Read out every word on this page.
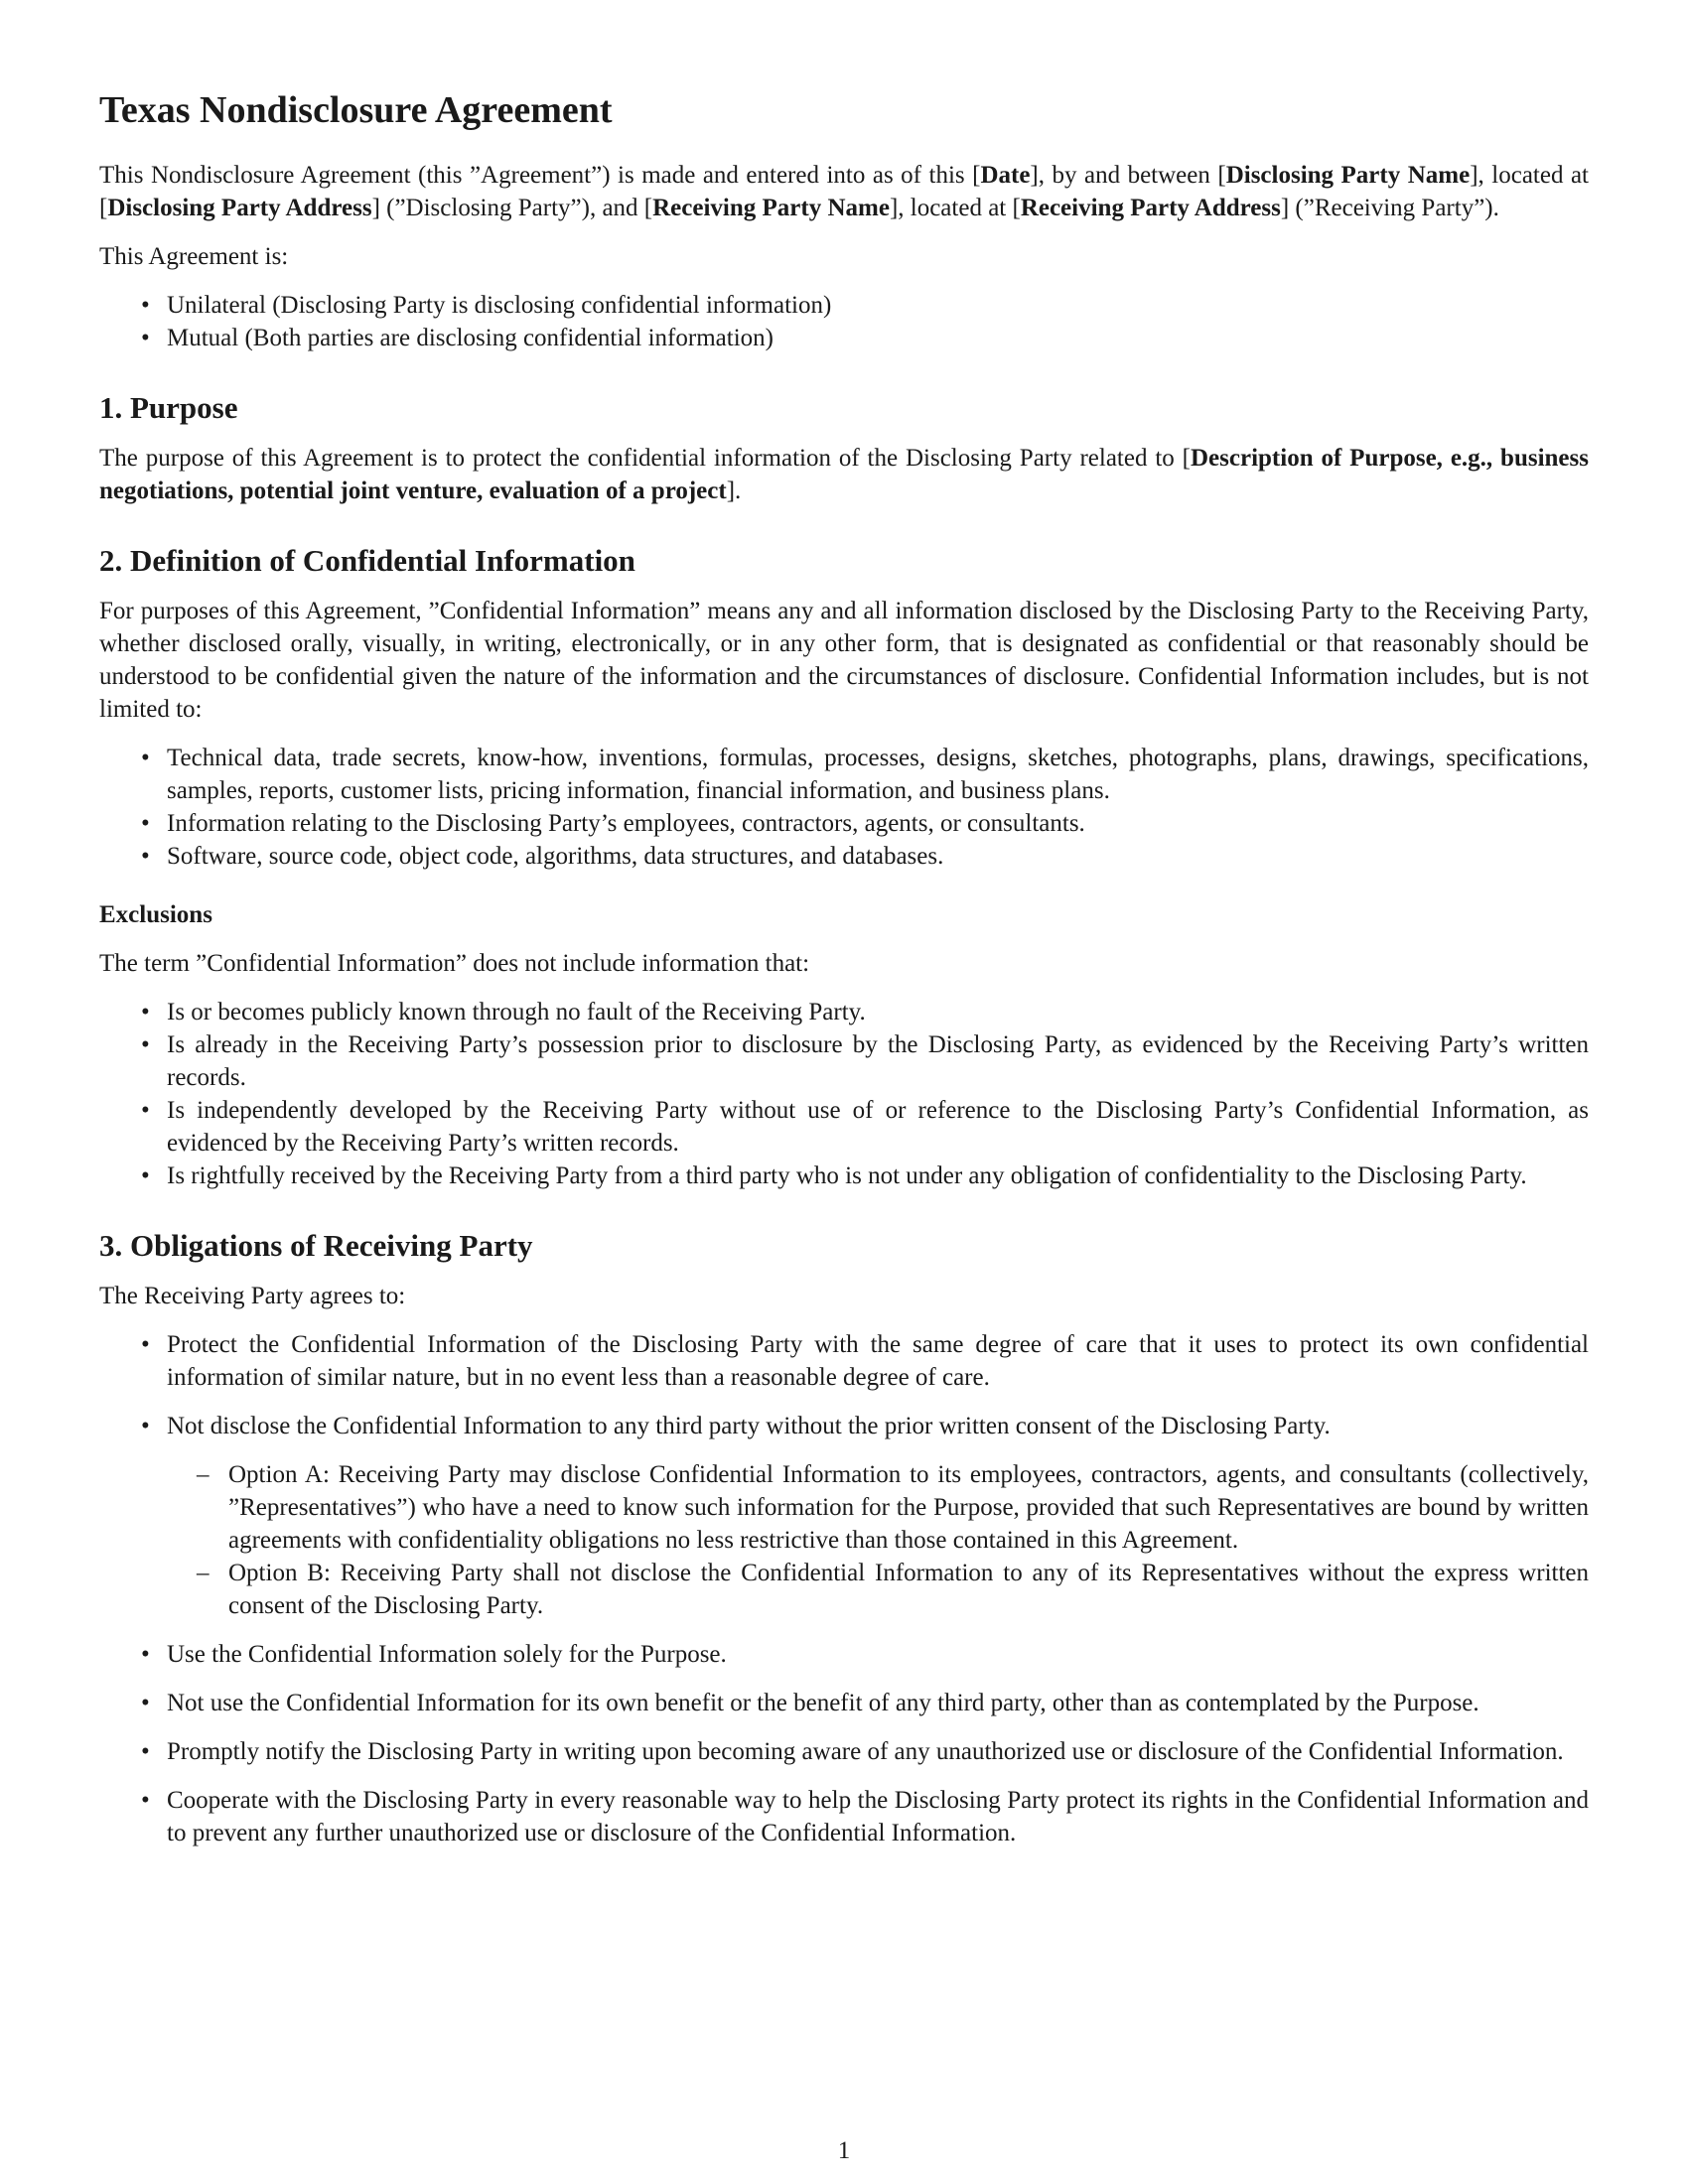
Texas Nondisclosure Agreement

This Nondisclosure Agreement (this ”Agreement”) is made and entered into as of this [Date], by and between [Disclosing Party Name], located at [Disclosing Party Address] (”Disclosing Party”), and [Receiving Party Name], located at [Receiving Party Address] (”Receiving Party”).

This Agreement is:

• Unilateral (Disclosing Party is disclosing confidential information)
• Mutual (Both parties are disclosing confidential information)
1. Purpose

The purpose of this Agreement is to protect the confidential information of the Disclosing Party related to [Description of Purpose, e.g., business negotiations, potential joint venture, evaluation of a project].

2. Definition of Confidential Information

For purposes of this Agreement, ”Confidential Information” means any and all information disclosed by the Disclosing Party to the Receiving Party, whether disclosed orally, visually, in writing, electronically, or in any other form, that is designated as confidential or that reasonably should be understood to be confidential given the nature of the information and the circumstances of disclosure. Confidential Information includes, but is not limited to:

• Technical data, trade secrets, know-how, inventions, formulas, processes, designs, sketches, photographs, plans, drawings, specifications, samples, reports, customer lists, pricing information, financial information, and business plans.
• Information relating to the Disclosing Party’s employees, contractors, agents, or consultants.
• Software, source code, object code, algorithms, data structures, and databases.
Exclusions

The term ”Confidential Information” does not include information that:

• Is or becomes publicly known through no fault of the Receiving Party.
• Is already in the Receiving Party’s possession prior to disclosure by the Disclosing Party, as evidenced by the Receiving Party’s written records.
• Is independently developed by the Receiving Party without use of or reference to the Disclosing Party’s Confidential Information, as evidenced by the Receiving Party’s written records.
• Is rightfully received by the Receiving Party from a third party who is not under any obligation of confidentiality to the Disclosing Party.
3. Obligations of Receiving Party

The Receiving Party agrees to:

• Protect the Confidential Information of the Disclosing Party with the same degree of care that it uses to protect its own confidential information of similar nature, but in no event less than a reasonable degree of care.
• Not disclose the Confidential Information to any third party without the prior written consent of the Disclosing Party.
– Option A: Receiving Party may disclose Confidential Information to its employees, contractors, agents, and consultants (collectively, ”Representatives”) who have a need to know such information for the Purpose, provided that such Representatives are bound by written agreements with confidentiality obligations no less restrictive than those contained in this Agreement.
– Option B: Receiving Party shall not disclose the Confidential Information to any of its Representatives without the express written consent of the Disclosing Party.
• Use the Confidential Information solely for the Purpose.
• Not use the Confidential Information for its own benefit or the benefit of any third party, other than as contemplated by the Purpose.
• Promptly notify the Disclosing Party in writing upon becoming aware of any unauthorized use or disclosure of the Confidential Information.
• Cooperate with the Disclosing Party in every reasonable way to help the Disclosing Party protect its rights in the Confidential Information and to prevent any further unauthorized use or disclosure of the Confidential Information.
1
